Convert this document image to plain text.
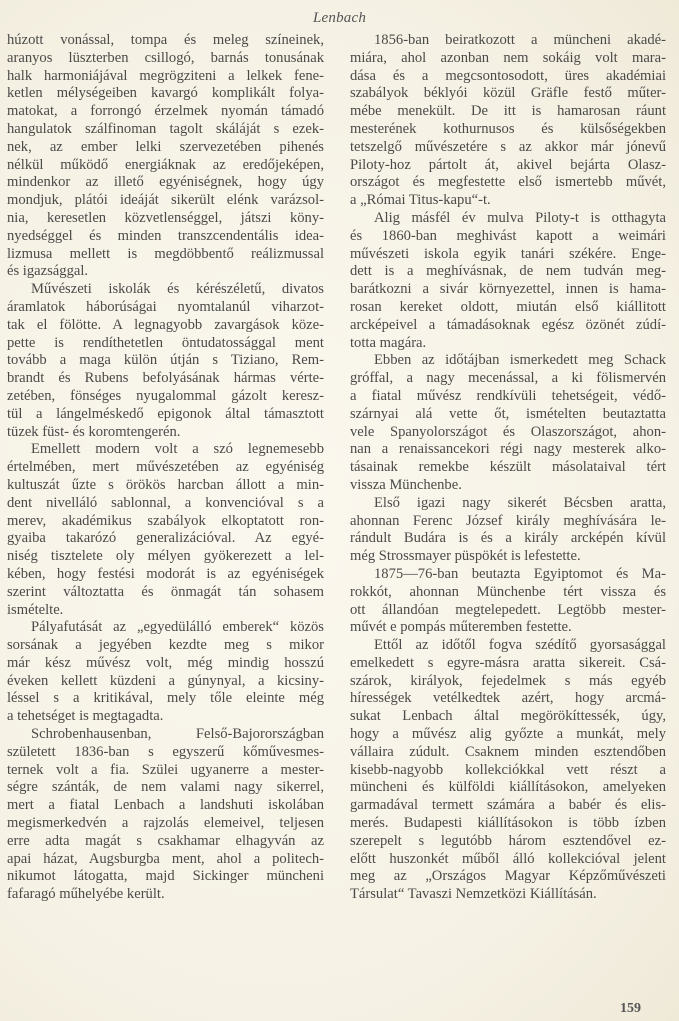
Lenbach
húzott vonással, tompa és meleg színeinek,
aranyos lüszterben csillogó, barnás tonusának
halk harmoniájával megrögziteni a lelkek fene-
ketlen mélységeiben kavargó komplikált folya-
matokat, a forrongó érzelmek nyomán támadó
hangulatok szálfinoman tagolt skáláját s ezek-
nek, az ember lelki szervezetében pihenés
nélkül működő energiáknak az eredőjeképen,
mindenkor az illető egyéniségnek, hogy úgy
mondjuk, plátói ideáját sikerült elénk varázsol-
nia, keresetlen közvetlenséggel, játszi köny-
nyedséggel és minden transzcendentális idea-
lizmusa mellett is megdöbbentő reálizmussal
és igazsággal.
Művészeti iskolák és kérészéletű, divatos
áramlatok háborúságai nyomtalanúl viharzot-
tak el fölötte. A legnagyobb zavargások köze-
pette is rendíthetetlen öntudatossággal ment
tovább a maga külön útján s Tiziano, Rem-
brandt és Rubens befolyásának hármas vérte-
zetében, fönséges nyugalommal gázolt keresz-
tül a lángelméskedő epigonok által támasztott
tüzek füst- és koromtengerén.
Emellett modern volt a szó legnemesebb
értelmében, mert művészetében az egyéniség
kultuszát űzte s örökös harcban állott a min-
dent nivelláló sablonnal, a konvencióval s a
merev, akadémikus szabályok elkoptatott ron-
gyaiba takarózó generalizációval. Az egyé-
niség tisztelete oly mélyen gyökerezett a lel-
kében, hogy festési modorát is az egyéniségek
szerint változtatta és önmagát tán sohasem
ismételte.
Pályafutását az „egyedülálló emberek“ közös
sorsának a jegyében kezdte meg s mikor
már kész művész volt, még mindig hosszú
éveken kellett küzdeni a gúnynyal, a kicsiny-
léssel s a kritikával, mely tőle eleinte még
a tehetséget is megtagadta.
Schrobenhausenban, Felső-Bajorországban
született 1836-ban s egyszerű kőművesmes-
ternek volt a fia. Szülei ugyanerre a mester-
ségre szánták, de nem valami nagy sikerrel,
mert a fiatal Lenbach a landshuti iskolában
megismerkedvén a rajzolás elemeivel, teljesen
erre adta magát s csakhamar elhagyván az
apai házat, Augsburgba ment, ahol a politech-
nikumot látogatta, majd Sickinger müncheni
fafaragó műhelyébe került.
1856-ban beiratkozott a müncheni akadé-
miára, ahol azonban nem sokáig volt mara-
dása és a megcsontosodott, üres akadémiai
szabályok béklyói közül Gräfle festő műter-
mébe menekült. De itt is hamarosan ráunt
mesterének kothurnusos és külsőségekben
tetszelgő művészetére s az akkor már jónevű
Piloty-hoz pártolt át, akivel bejárta Olasz-
országot és megfestette első ismertebb művét,
a „Római Titus-kapu“-t.
Alig másfél év mulva Piloty-t is otthagyta
és 1860-ban meghivást kapott a weimári
művészeti iskola egyik tanári székére. Enge-
dett is a meghívásnak, de nem tudván meg-
barátkozni a sivár környezettel, innen is hama-
rosan kereket oldott, miután első kiállitott
arcképeivel a támadásoknak egész özönét zúdí-
totta magára.
Ebben az időtájban ismerkedett meg Schack
gróffal, a nagy mecenással, a ki fölismervén
a fiatal művész rendkívüli tehetségeit, védő-
szárnyai alá vette őt, ismételten beutaztatta
vele Spanyolországot és Olaszországot, ahon-
nan a renaissancekori régi nagy mesterek alko-
tásainak remekbe készült másolataival tért
vissza Münchenbe.
Első igazi nagy sikerét Bécsben aratta,
ahonnan Ferenc József király meghívására le-
rándult Budára is és a király arcképén kívül
még Strossmayer püspökét is lefestette.
1875—76-ban beutazta Egyiptomot és Ma-
rokkót, ahonnan Münchenbe tért vissza és
ott állandóan megtelepedett. Legtöbb mester-
művét e pompás műteremben festette.
Ettől az időtől fogva szédítő gyorsasággal
emelkedett s egyre-másra aratta sikereit. Csá-
szárok, királyok, fejedelmek s más egyéb
hírességek vetélkedtek azért, hogy arcmá-
sukat Lenbach által megörökíttessék, úgy,
hogy a művész alig győzte a munkát, mely
vállaira zúdult. Csaknem minden esztendőben
kisebb-nagyobb kollekciókkal vett részt a
müncheni és külföldi kiállításokon, amelyeken
garmadával termett számára a babér és elis-
merés. Budapesti kiállításokon is több ízben
szerepelt s legutóbb három esztendővel ez-
előtt huszonkét műből álló kollekcióval jelent
meg az „Országos Magyar Képzőművészeti
Társulat“ Tavaszi Nemzetközi Kiállításán.
159
